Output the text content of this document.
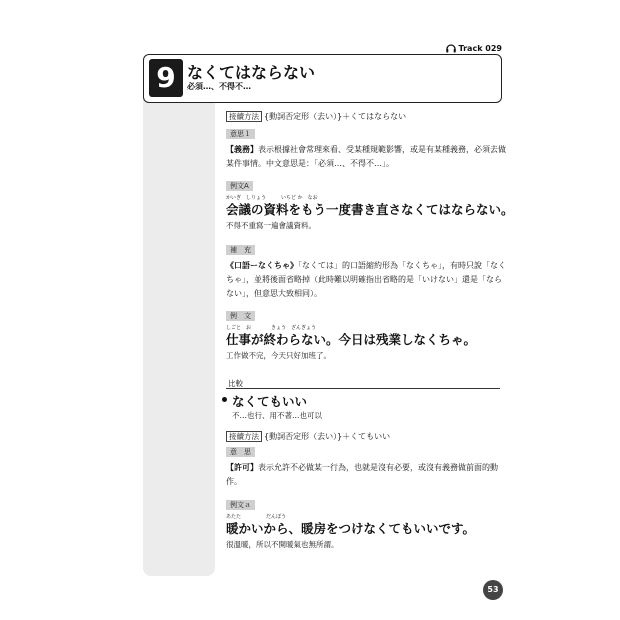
Track 029
9 なくてはならない
必須…、不得不…
接續方法 {動詞否定形（去い）}＋くてはならない
意思１
【義務】表示根據社會常理來看、受某種規範影響，或是有某種義務，必須去做某件事情。中文意思是：「必須…、不得不…」。
例文A
かいぎ　しりょう　　　いちど か　なお
会議の資料をもう一度書き直さなくてはならない。
不得不重寫一遍會議資料。
補　充
《口語ーなくちゃ》「なくては」的口語縮約形為「なくちゃ」，有時只說「なくちゃ」，並將後面省略掉（此時難以明確指出省略的是「いけない」還是「ならない」，但意思大致相同）。
例　文
しごと　お　　　　きょう　ざんぎょう
仕事が終わらない。今日は残業しなくちゃ。
工作做不完，今天只好加班了。
比較
なくてもいい
不…也行、用不著…也可以
接續方法 {動詞否定形（去い）}＋くてもいい
意　思
【許可】表示允許不必做某一行為，也就是沒有必要，或沒有義務做前面的動作。
例文ａ
あたた　　　　　だんぼう
暖かいから、暖房をつけなくてもいいです。
很溫暖，所以不開暖氣也無所謂。
53
